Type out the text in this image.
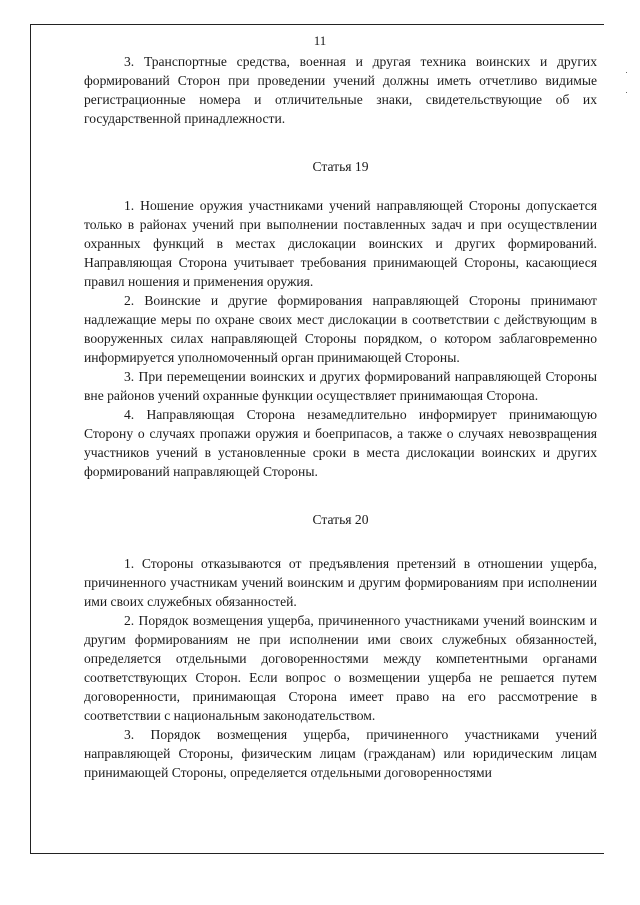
11

3. Транспортные средства, военная и другая техника воинских и других формирований Сторон при проведении учений должны иметь отчетливо видимые регистрационные номера и отличительные знаки, свидетельствующие об их государственной принадлежности.

Статья 19

1. Ношение оружия участниками учений направляющей Стороны допускается только в районах учений при выполнении поставленных задач и при осуществлении охранных функций в местах дислокации воинских и других формирований. Направляющая Сторона учитывает требования принимающей Стороны, касающиеся правил ношения и применения оружия.

2. Воинские и другие формирования направляющей Стороны принимают надлежащие меры по охране своих мест дислокации в соответствии с действующим в вооруженных силах направляющей Стороны порядком, о котором заблаговременно информируется уполномоченный орган принимающей Стороны.

3. При перемещении воинских и других формирований направляющей Стороны вне районов учений охранные функции осуществляет принимающая Сторона.

4. Направляющая Сторона незамедлительно информирует принимающую Сторону о случаях пропажи оружия и боеприпасов, а также о случаях невозвращения участников учений в установленные сроки в места дислокации воинских и других формирований направляющей Стороны.

Статья 20

1. Стороны отказываются от предъявления претензий в отношении ущерба, причиненного участникам учений воинским и другим формированиям при исполнении ими своих служебных обязанностей.

2. Порядок возмещения ущерба, причиненного участниками учений воинским и другим формированиям не при исполнении ими своих служебных обязанностей, определяется отдельными договоренностями между компетентными органами соответствующих Сторон. Если вопрос о возмещении ущерба не решается путем договоренности, принимающая Сторона имеет право на его рассмотрение в соответствии с национальным законодательством.

3. Порядок возмещения ущерба, причиненного участниками учений направляющей Стороны, физическим лицам (гражданам) или юридическим лицам принимающей Стороны, определяется отдельными договоренностями
